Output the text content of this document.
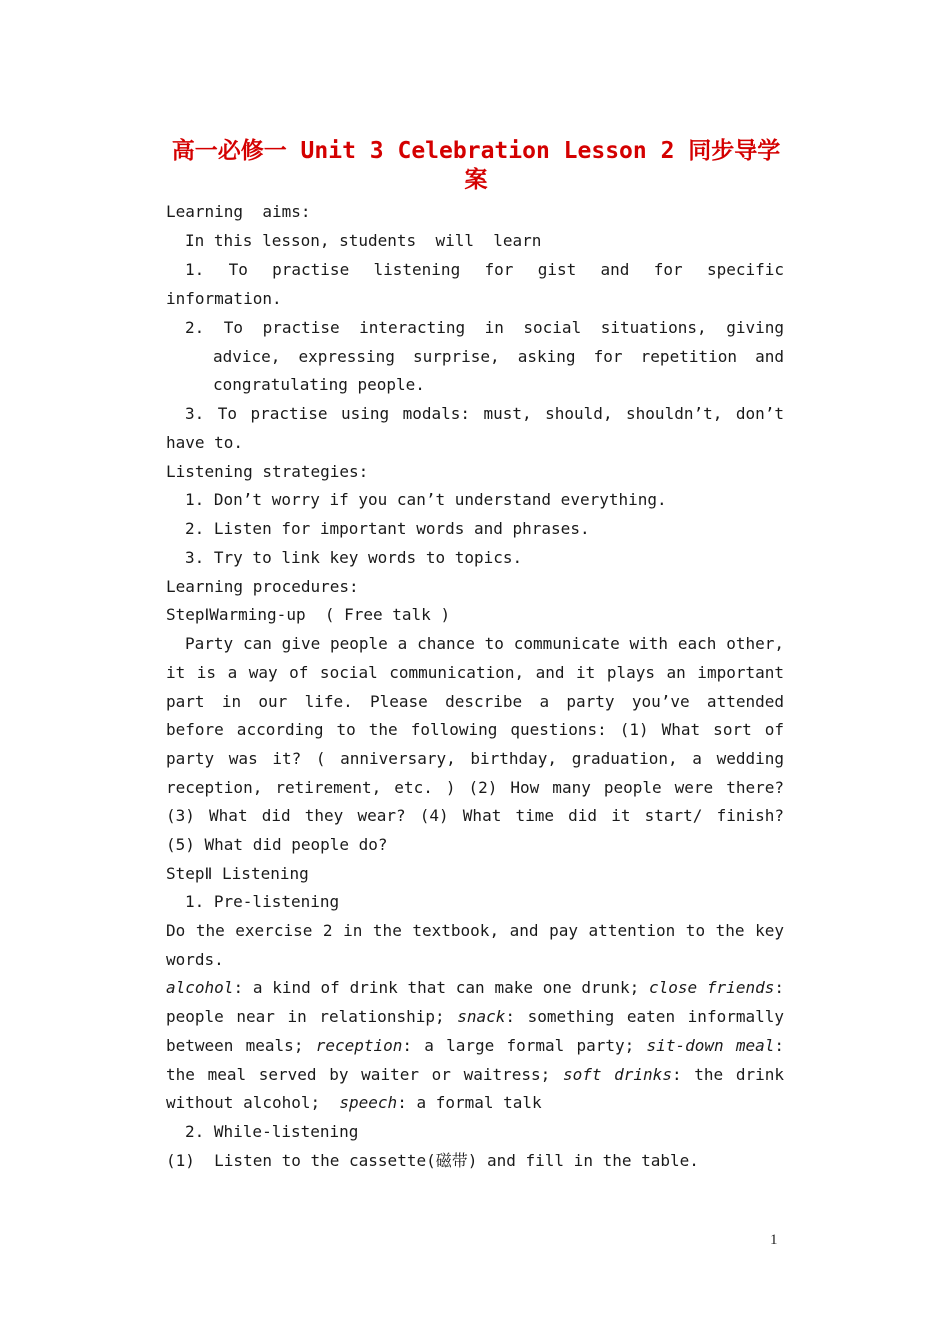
高一必修一 Unit 3 Celebration Lesson 2 同步导学案
Learning  aims:
In this lesson, students  will  learn
1. To practise listening for gist and for specific
information.
2. To practise interacting in social situations, giving
advice, expressing surprise, asking for repetition and
congratulating people.
3. To practise using modals: must, should, shouldn’t, don’t
have to.
Listening strategies:
1. Don’t worry if you can’t understand everything.
2. Listen for important words and phrases.
3. Try to link key words to topics.
Learning procedures:
StepⅠWarming-up  ( Free talk )
Party can give people a chance to communicate with each other,
it is a way of social communication, and it plays an important
part in our life. Please describe a party you’ve attended
before according to the following questions: (1) What sort of
party was it? ( anniversary, birthday, graduation, a wedding
reception, retirement, etc. ) (2) How many people were there?
(3) What did they wear? (4) What time did it start/ finish?
(5) What did people do?
StepⅡ Listening
1. Pre-listening
Do the exercise 2 in the textbook, and pay attention to the key
words.
alcohol: a kind of drink that can make one drunk; close friends:
people near in relationship; snack: something eaten informally
between meals; reception: a large formal party; sit-down meal:
the meal served by waiter or waitress; soft drinks: the drink
without alcohol;  speech: a formal talk
2. While-listening
(1)  Listen to the cassette(磁带) and fill in the table.
1
